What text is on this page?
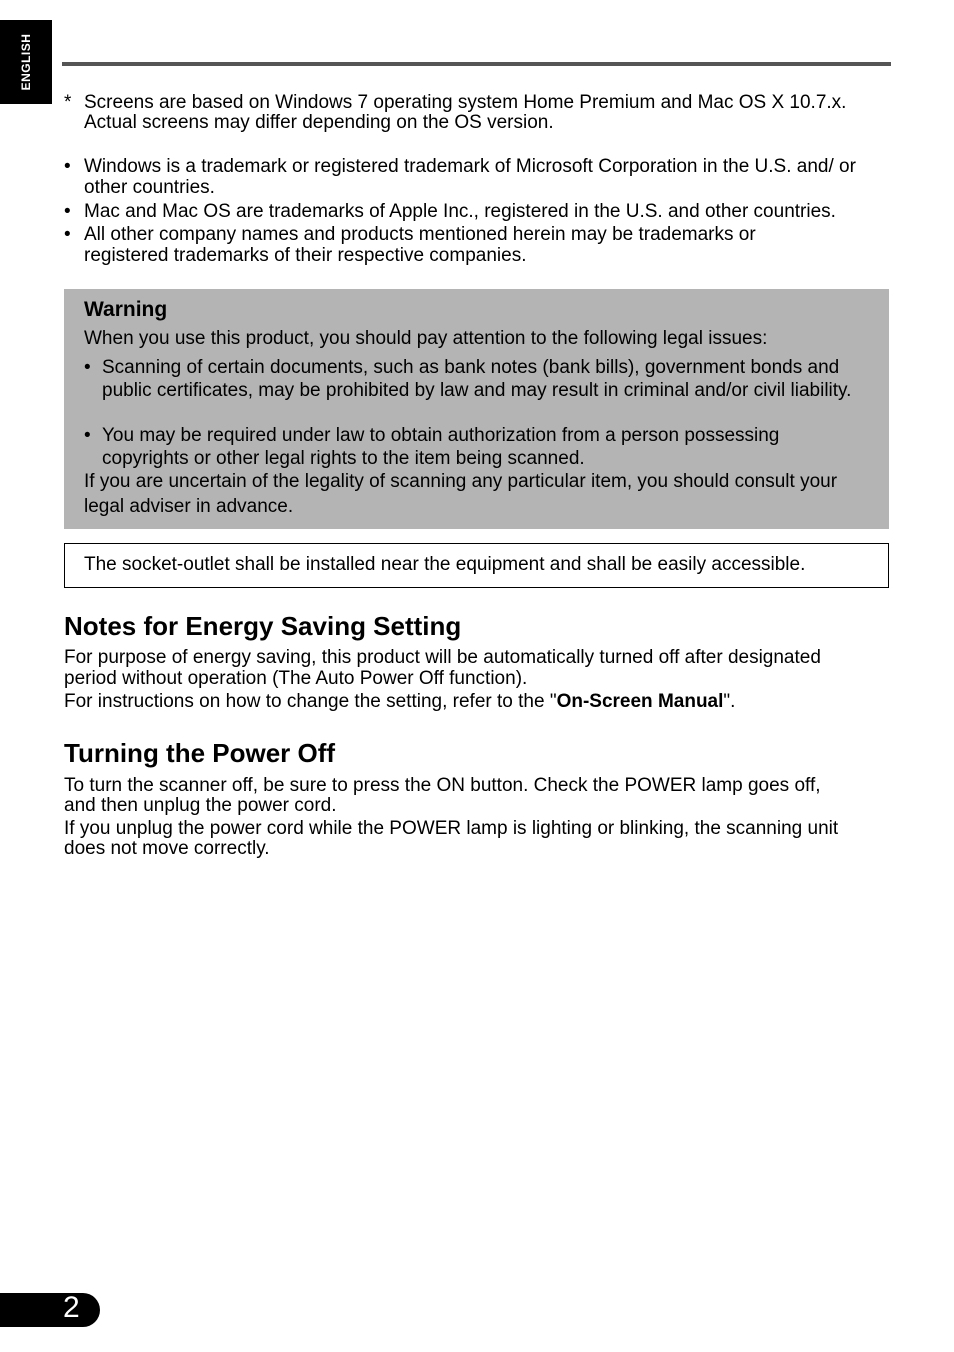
ENGLISH
* Screens are based on Windows 7 operating system Home Premium and Mac OS X 10.7.x.
Actual screens may differ depending on the OS version.
• Windows is a trademark or registered trademark of Microsoft Corporation in the U.S. and/ or other countries.
• Mac and Mac OS are trademarks of Apple Inc., registered in the U.S. and other countries.
• All other company names and products mentioned herein may be trademarks or registered trademarks of their respective companies.
Warning
When you use this product, you should pay attention to the following legal issues:
• Scanning of certain documents, such as bank notes (bank bills), government bonds and public certificates, may be prohibited by law and may result in criminal and/or civil liability.
• You may be required under law to obtain authorization from a person possessing copyrights or other legal rights to the item being scanned.
If you are uncertain of the legality of scanning any particular item, you should consult your legal adviser in advance.
The socket-outlet shall be installed near the equipment and shall be easily accessible.
Notes for Energy Saving Setting
For purpose of energy saving, this product will be automatically turned off after designated
period without operation (The Auto Power Off function).
For instructions on how to change the setting, refer to the "On-Screen Manual".
Turning the Power Off
To turn the scanner off, be sure to press the ON button. Check the POWER lamp goes off,
and then unplug the power cord.
If you unplug the power cord while the POWER lamp is lighting or blinking, the scanning unit
does not move correctly.
2
